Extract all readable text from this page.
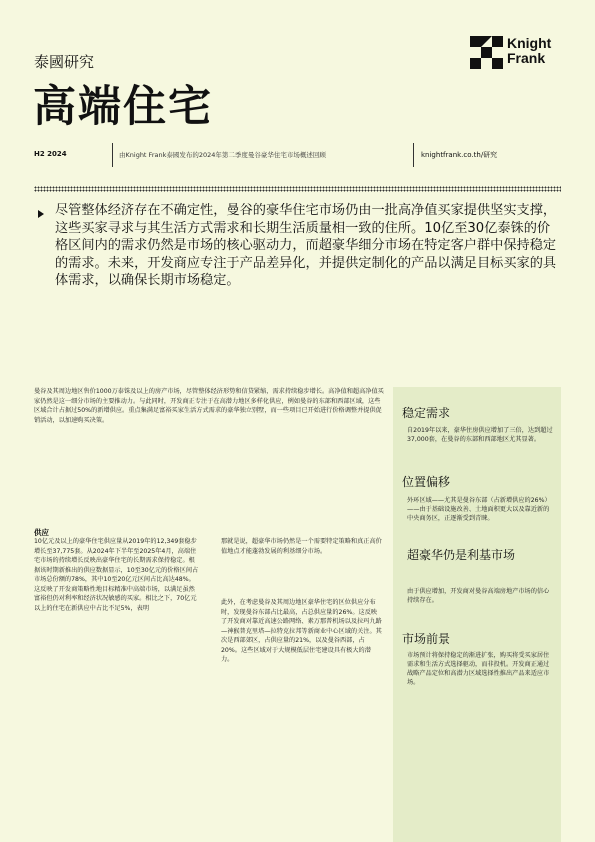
泰國研究
Knight
Frank
高端住宅
H2 2024	由Knight Frank泰國发布的2024年第二季度曼谷豪华住宅市场概述回顾	knightfrank.co.th/研究
尽管整体经济存在不确定性，曼谷的豪华住宅市场仍由一批高净值买家提供坚实支撑，这些买家寻求与其生活方式需求和长期生活质量相一致的住所。10亿至30亿泰铢的价格区间内的需求仍然是市场的核心驱动力，而超豪华细分市场在特定客户群中保持稳定的需求。未来，开发商应专注于产品差异化，并提供定制化的产品以满足目标买家的具体需求，以确保长期市场稳定。
曼谷及其周边地区售价1000万泰铢及以上的房产市场，尽管整体经济形势和信贷紧缩，需求持续稳步增长。高净值和超高净值买家仍然是这一细分市场的主要推动力。与此同时，开发商正专注于在高潜力地区多样化供应，例如曼谷的东部和西部区域，这些区域合计占据过50%的新增供应。重点集满足富裕买家生活方式需求的豪华独立别墅，而一些项目已开始进行价格调整并提供促销活动，以加速购买决策。
供应
10亿元及以上的豪华住宅供应量从2019年的12,349套稳步增长至37,775套。从2024年下半年至2025年4月，高端住宅市场的持续增长反映出豪华住宅的长期需求保持稳定。根据该时期新推出的供应数据显示，10至30亿元的价格区间占市场总份额的78%，其中10至20亿元区间占比高达48%。这反映了开发商策略性地目标精准中高端市场，以满足虽然富裕但仍对利率和经济状况敏感的买家。相比之下，70亿元以上的住宅在新供应中占比不足5%，表明
那就是说，超豪华市场仍然是一个需要特定策略和真正高价值地点才能蓬勃发展的利基细分市场。
此外，在考虑曼谷及其周边地区豪华住宅的区位供应分布时，发现曼谷东部占比最高，占总供应量的26%。这反映了开发商对靠近高速公路网络、素万那普机场以及拉玛九路—神猴普克里塔—拉特克拉邦等新商业中心区域的关注。其次是西部郊区，占供应量的21%，以及曼谷西部，占20%。这些区域对于大规模低层住宅建设具有极大的潜力。
稳定需求
自2019年以来，豪华住房供应增加了三倍，达到超过37,000套，在曼谷的东部和西部地区尤其显著。
位置偏移
外环区域——尤其是曼谷东部（占新增供应的26%）——由于基础设施改善、土地面积更大以及靠近新的中央商务区，正逐渐受到青睐。
超豪华仍是利基市场
由于供应增加，开发商对曼谷高端房地产市场的信心持续存在。
市场前景
市场预计将保持稳定的渐进扩张，购买将受买家居住需求和生活方式选择驱动，而非投机。开发商正通过战略产品定位和高潜力区域选择性推出产品来适应市场。
